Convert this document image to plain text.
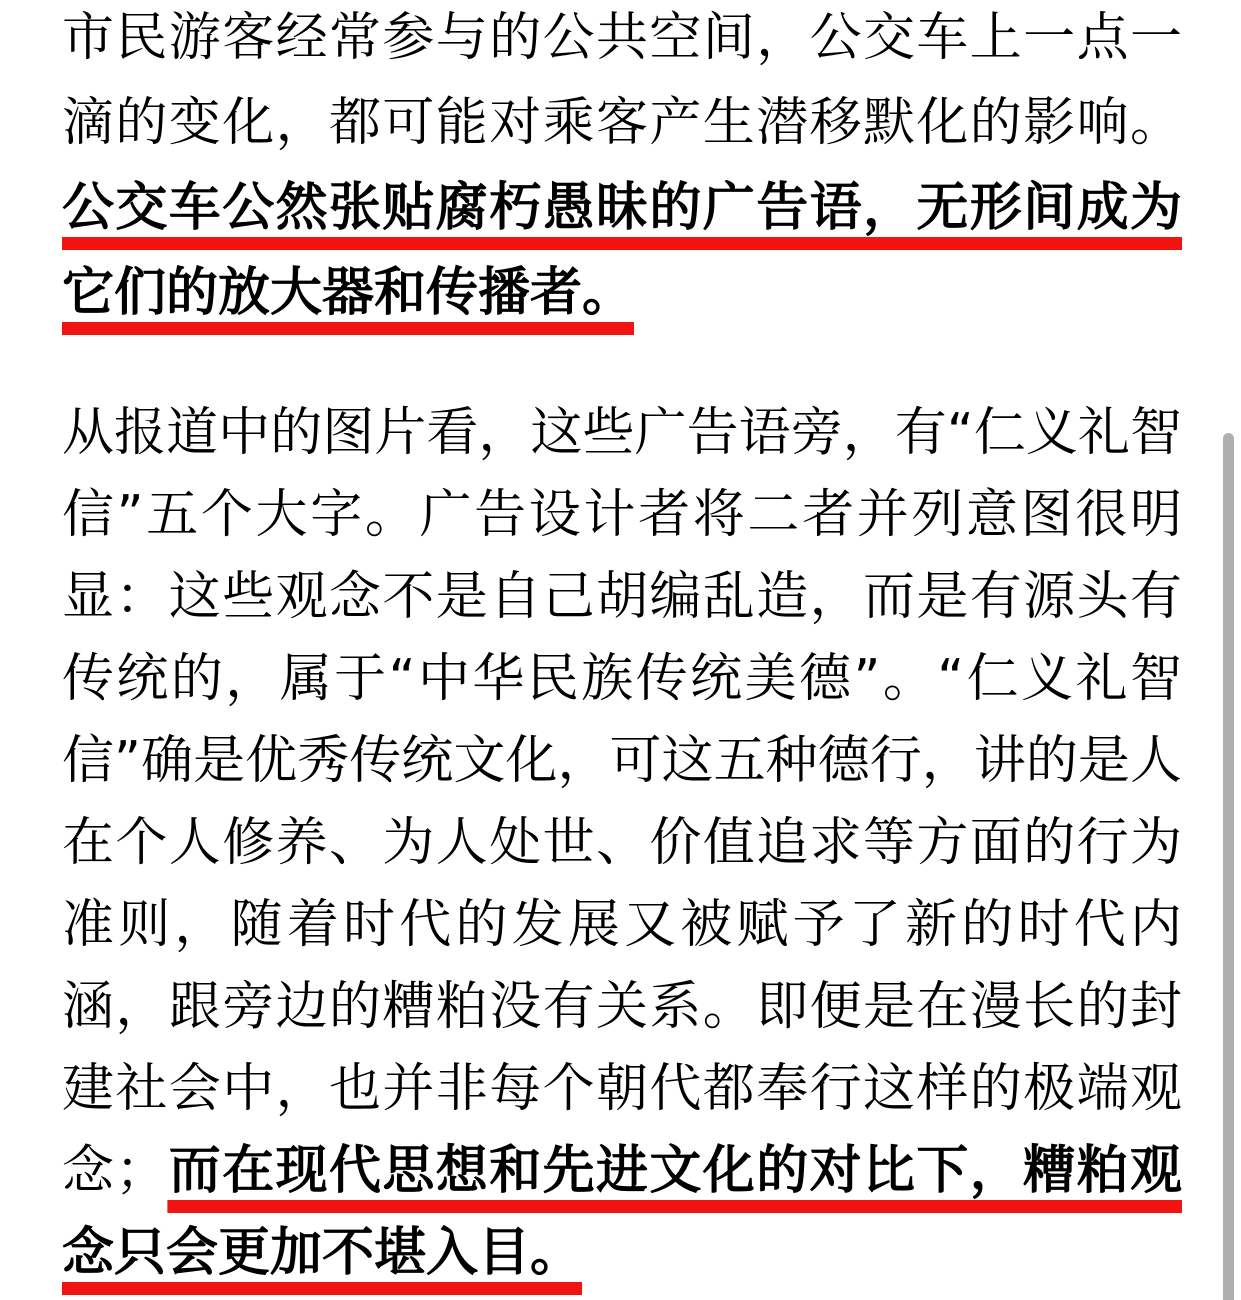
市民游客经常参与的公共空间，公交车上一点一
滴的变化，都可能对乘客产生潜移默化的影响。
公交车公然张贴腐朽愚昧的广告语，无形间成为
它们的放大器和传播者。
从报道中的图片看，这些广告语旁，有“仁义礼智
信”五个大字。广告设计者将二者并列意图很明
显：这些观念不是自己胡编乱造，而是有源头有
传统的，属于“中华民族传统美德”。“仁义礼智
信”确是优秀传统文化，可这五种德行，讲的是人
在个人修养、为人处世、价值追求等方面的行为
准则，随着时代的发展又被赋予了新的时代内
涵，跟旁边的糟粕没有关系。即便是在漫长的封
建社会中，也并非每个朝代都奉行这样的极端观
念；而在现代思想和先进文化的对比下，糟粕观
念只会更加不堪入目。
